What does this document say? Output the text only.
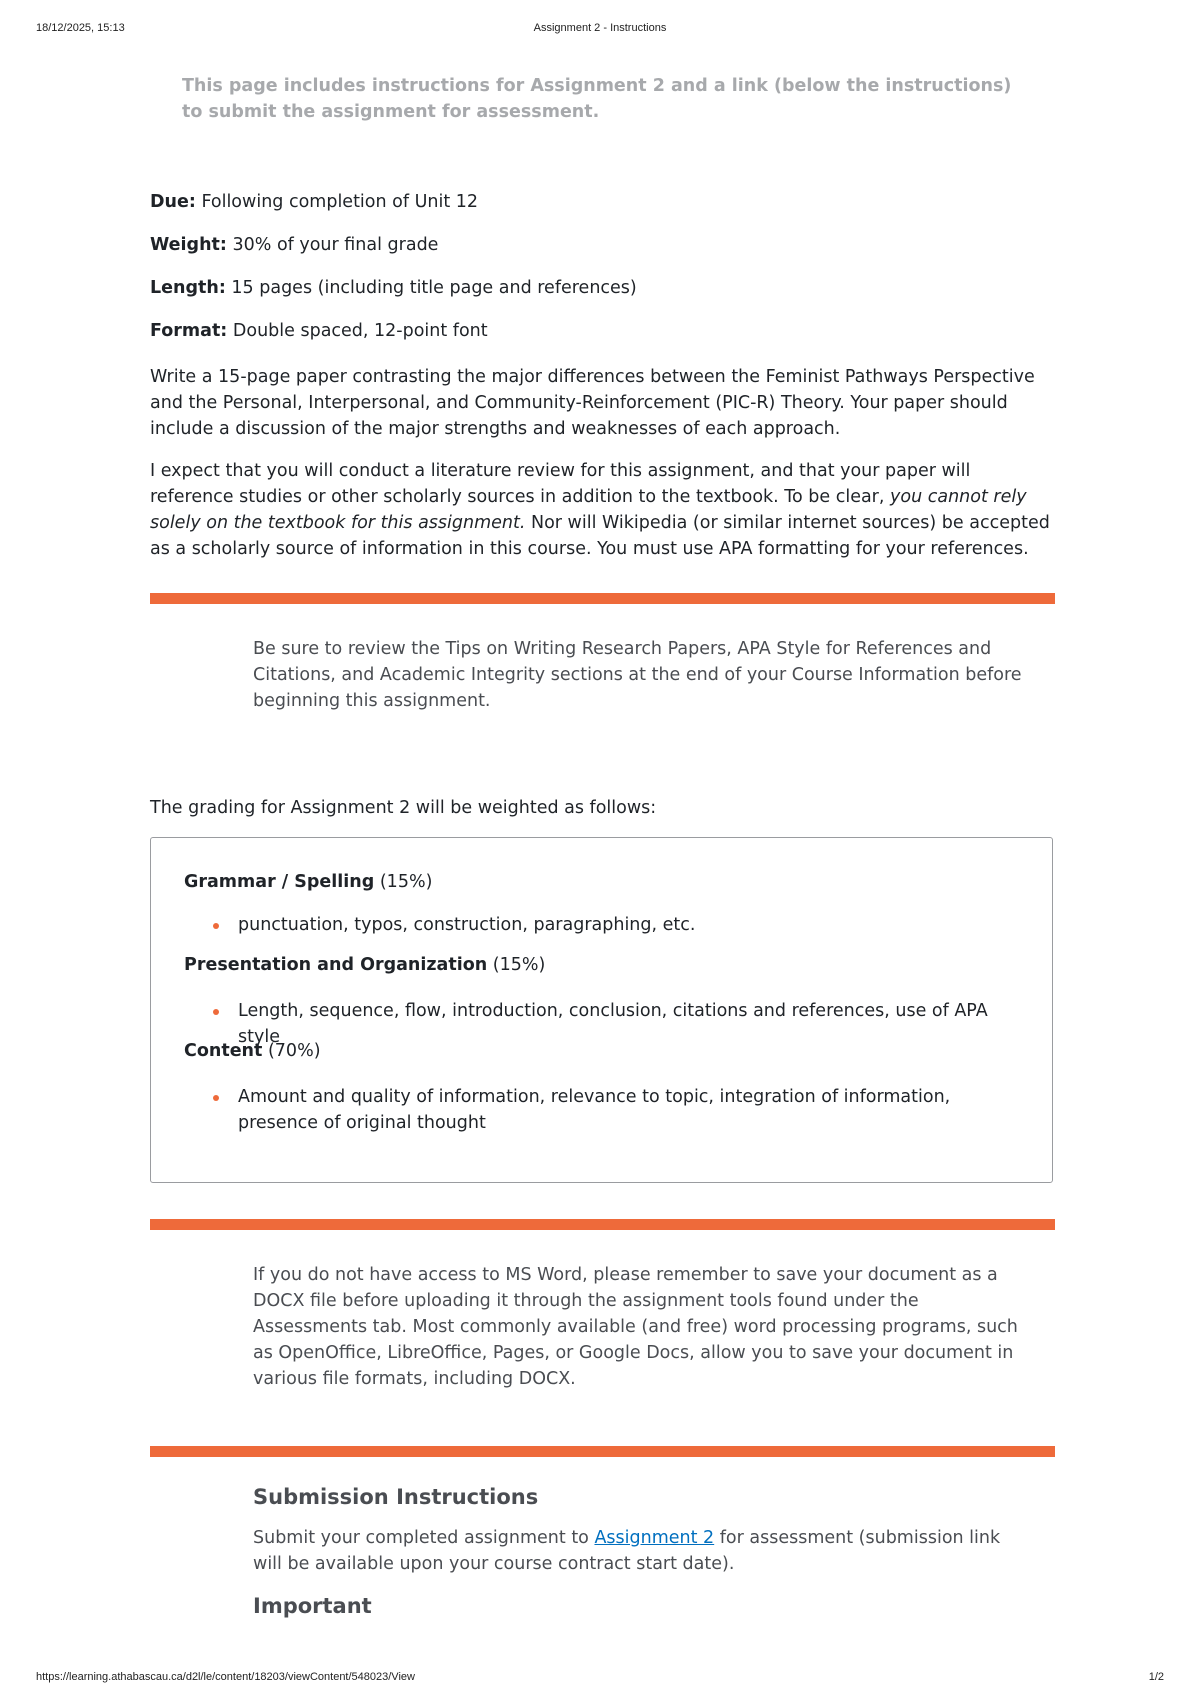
18/12/2025, 15:13	Assignment 2 - Instructions

This page includes instructions for Assignment 2 and a link (below the instructions) to submit the assignment for assessment.

Due: Following completion of Unit 12

Weight: 30% of your final grade

Length: 15 pages (including title page and references)

Format: Double spaced, 12-point font

Write a 15-page paper contrasting the major differences between the Feminist Pathways Perspective and the Personal, Interpersonal, and Community-Reinforcement (PIC-R) Theory. Your paper should include a discussion of the major strengths and weaknesses of each approach.

I expect that you will conduct a literature review for this assignment, and that your paper will reference studies or other scholarly sources in addition to the textbook. To be clear, you cannot rely solely on the textbook for this assignment. Nor will Wikipedia (or similar internet sources) be accepted as a scholarly source of information in this course. You must use APA formatting for your references.

Be sure to review the Tips on Writing Research Papers, APA Style for References and Citations, and Academic Integrity sections at the end of your Course Information before beginning this assignment.

The grading for Assignment 2 will be weighted as follows:

Grammar / Spelling (15%)

punctuation, typos, construction, paragraphing, etc.

Presentation and Organization (15%)

Length, sequence, flow, introduction, conclusion, citations and references, use of APA style

Content (70%)

Amount and quality of information, relevance to topic, integration of information, presence of original thought

If you do not have access to MS Word, please remember to save your document as a DOCX file before uploading it through the assignment tools found under the Assessments tab. Most commonly available (and free) word processing programs, such as OpenOffice, LibreOffice, Pages, or Google Docs, allow you to save your document in various file formats, including DOCX.

Submission Instructions

Submit your completed assignment to Assignment 2 for assessment (submission link will be available upon your course contract start date).

Important
https://learning.athabascau.ca/d2l/le/content/18203/viewContent/548023/View	1/2
